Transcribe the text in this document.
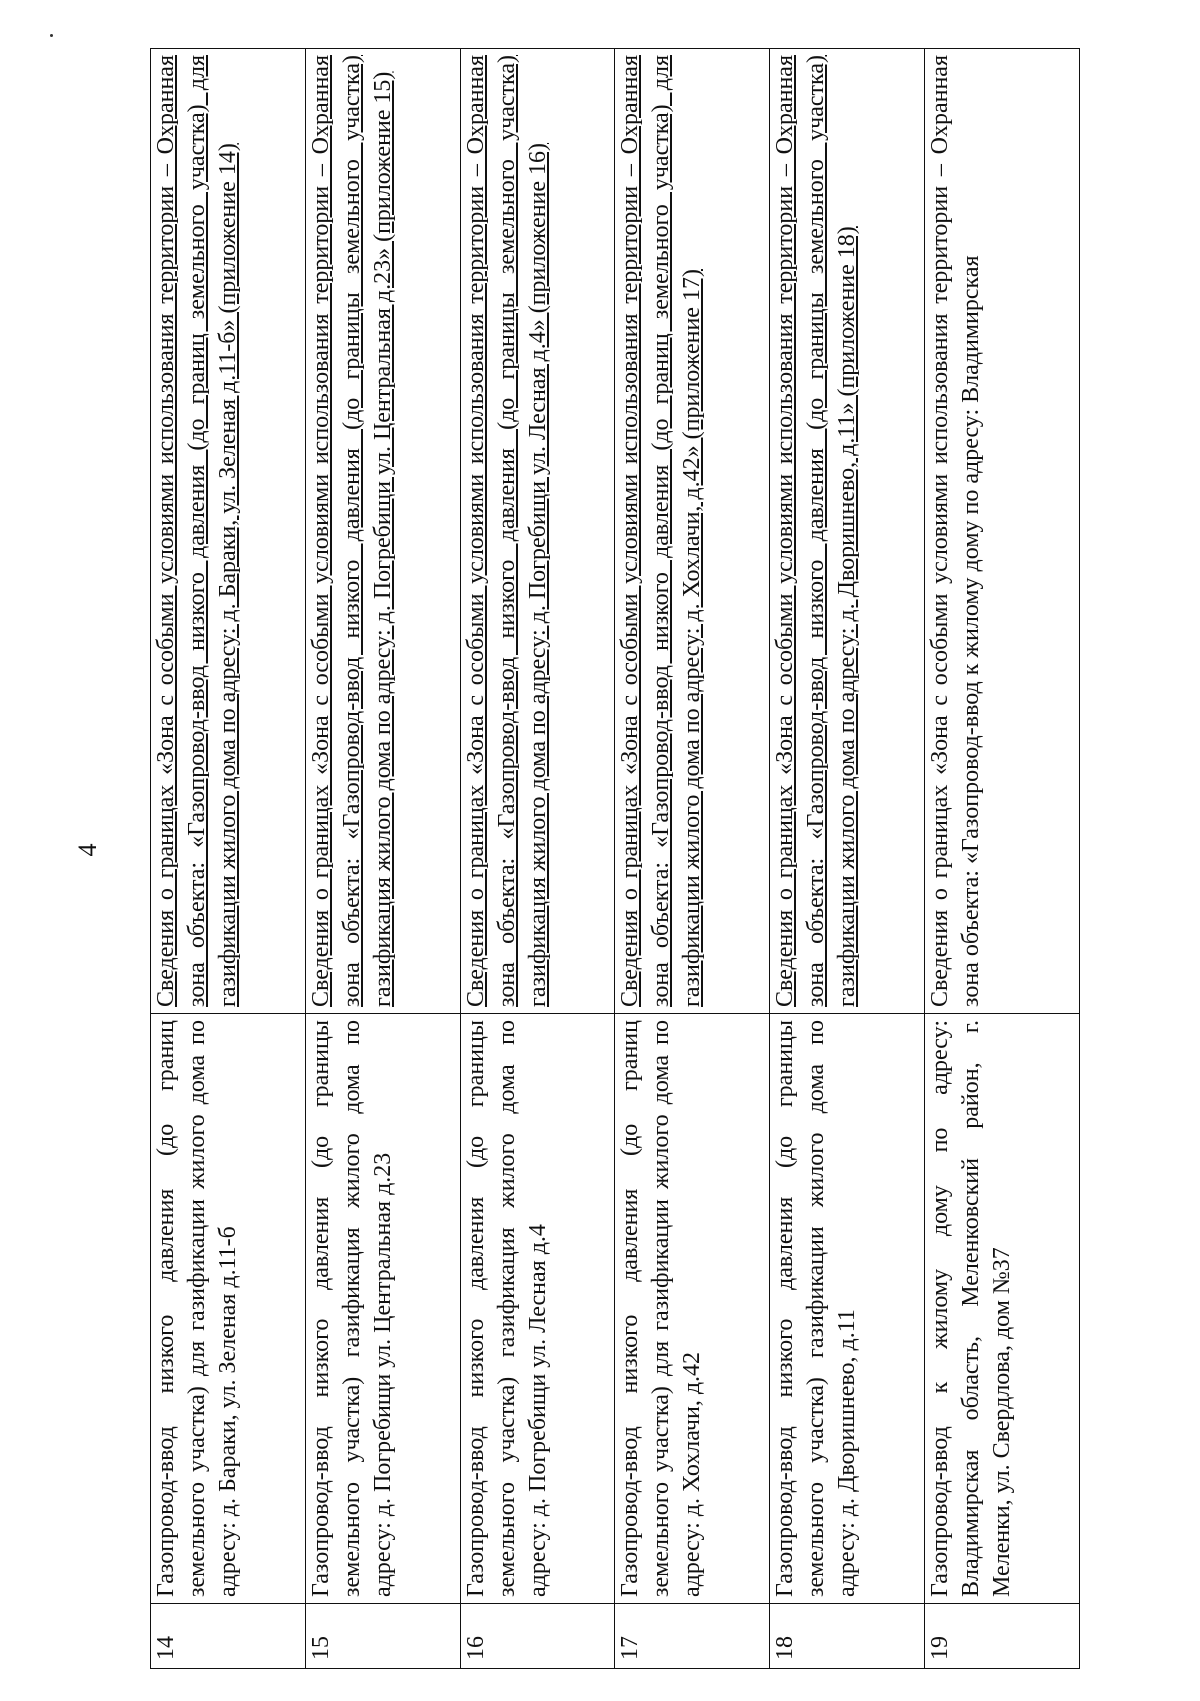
4
14	Газопровод-ввод низкого давления (до границ земельного участка) для газификации жилого дома по адресу: д. Бараки, ул. Зеленая д.11-б	Сведения о границах «Зона с особыми условиями использования территории – Охранная зона объекта: «Газопровод-ввод низкого давления (до границ земельного участка) для газификации жилого дома по адресу: д. Бараки, ул. Зеленая д.11-б» (приложение 14)
15	Газопровод-ввод низкого давления (до границы земельного участка) газификация жилого дома по адресу: д. Погребищи ул. Центральная д.23	Сведения о границах «Зона с особыми условиями использования территории – Охранная зона объекта: «Газопровод-ввод низкого давления (до границы земельного участка) газификация жилого дома по адресу: д. Погребищи ул. Центральная д.23» (приложение 15)
16	Газопровод-ввод низкого давления (до границы земельного участка) газификация жилого дома по адресу: д. Погребищи ул. Лесная д.4	Сведения о границах «Зона с особыми условиями использования территории – Охранная зона объекта: «Газопровод-ввод низкого давления (до границы земельного участка) газификация жилого дома по адресу: д. Погребищи ул. Лесная д.4» (приложение 16)
17	Газопровод-ввод низкого давления (до границ земельного участка) для газификации жилого дома по адресу: д. Хохлачи, д.42	Сведения о границах «Зона с особыми условиями использования территории – Охранная зона объекта: «Газопровод-ввод низкого давления (до границ земельного участка) для газификации жилого дома по адресу: д. Хохлачи, д.42» (приложение 17)
18	Газопровод-ввод низкого давления (до границы земельного участка) газификации жилого дома по адресу: д. Двоpишнево, д.11	Сведения о границах «Зона с особыми условиями использования территории – Охранная зона объекта: «Газопровод-ввод низкого давления (до границы земельного участка) газификации жилого дома по адресу: д. Двоpишнево, д.11» (приложение 18)
19	Газопровод-ввод к жилому дому по адресу: Владимирская область, Меленковский район, г. Меленки, ул. Свердлова, дом №37	Сведения о границах «Зона с особыми условиями использования территории – Охранная зона объекта: «Газопровод-ввод к жилому дому по адресу: Владимирская
